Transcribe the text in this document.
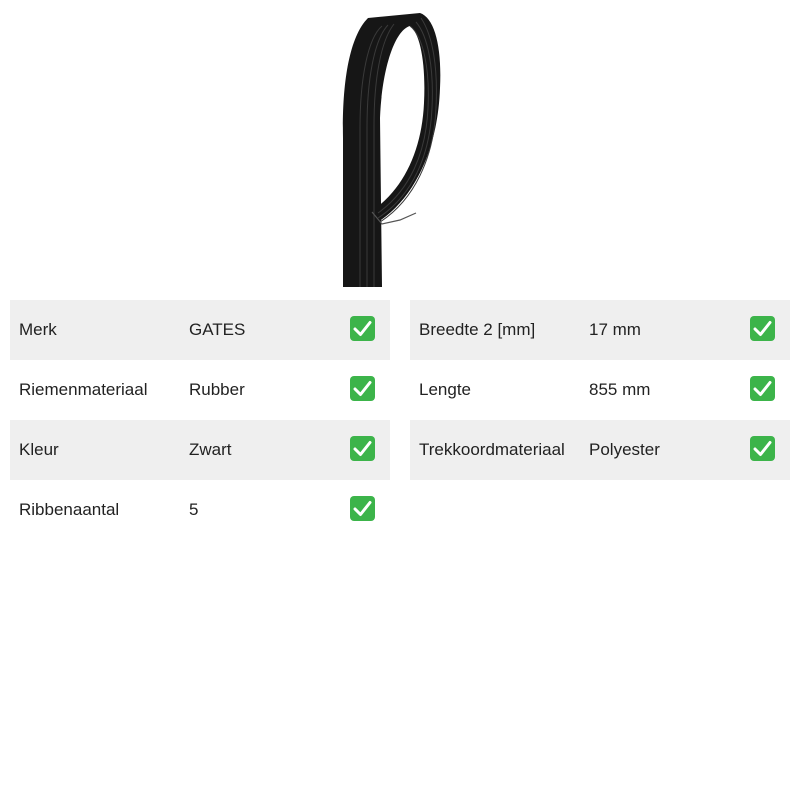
Merk	GATES
Riemenmateriaal Rubber
Kleur	Zwart
Ribbenaantal	5
Breedte 2 [mm]	17 mm
Lengte	855 mm
Trekkoordmateriaal Polyester
